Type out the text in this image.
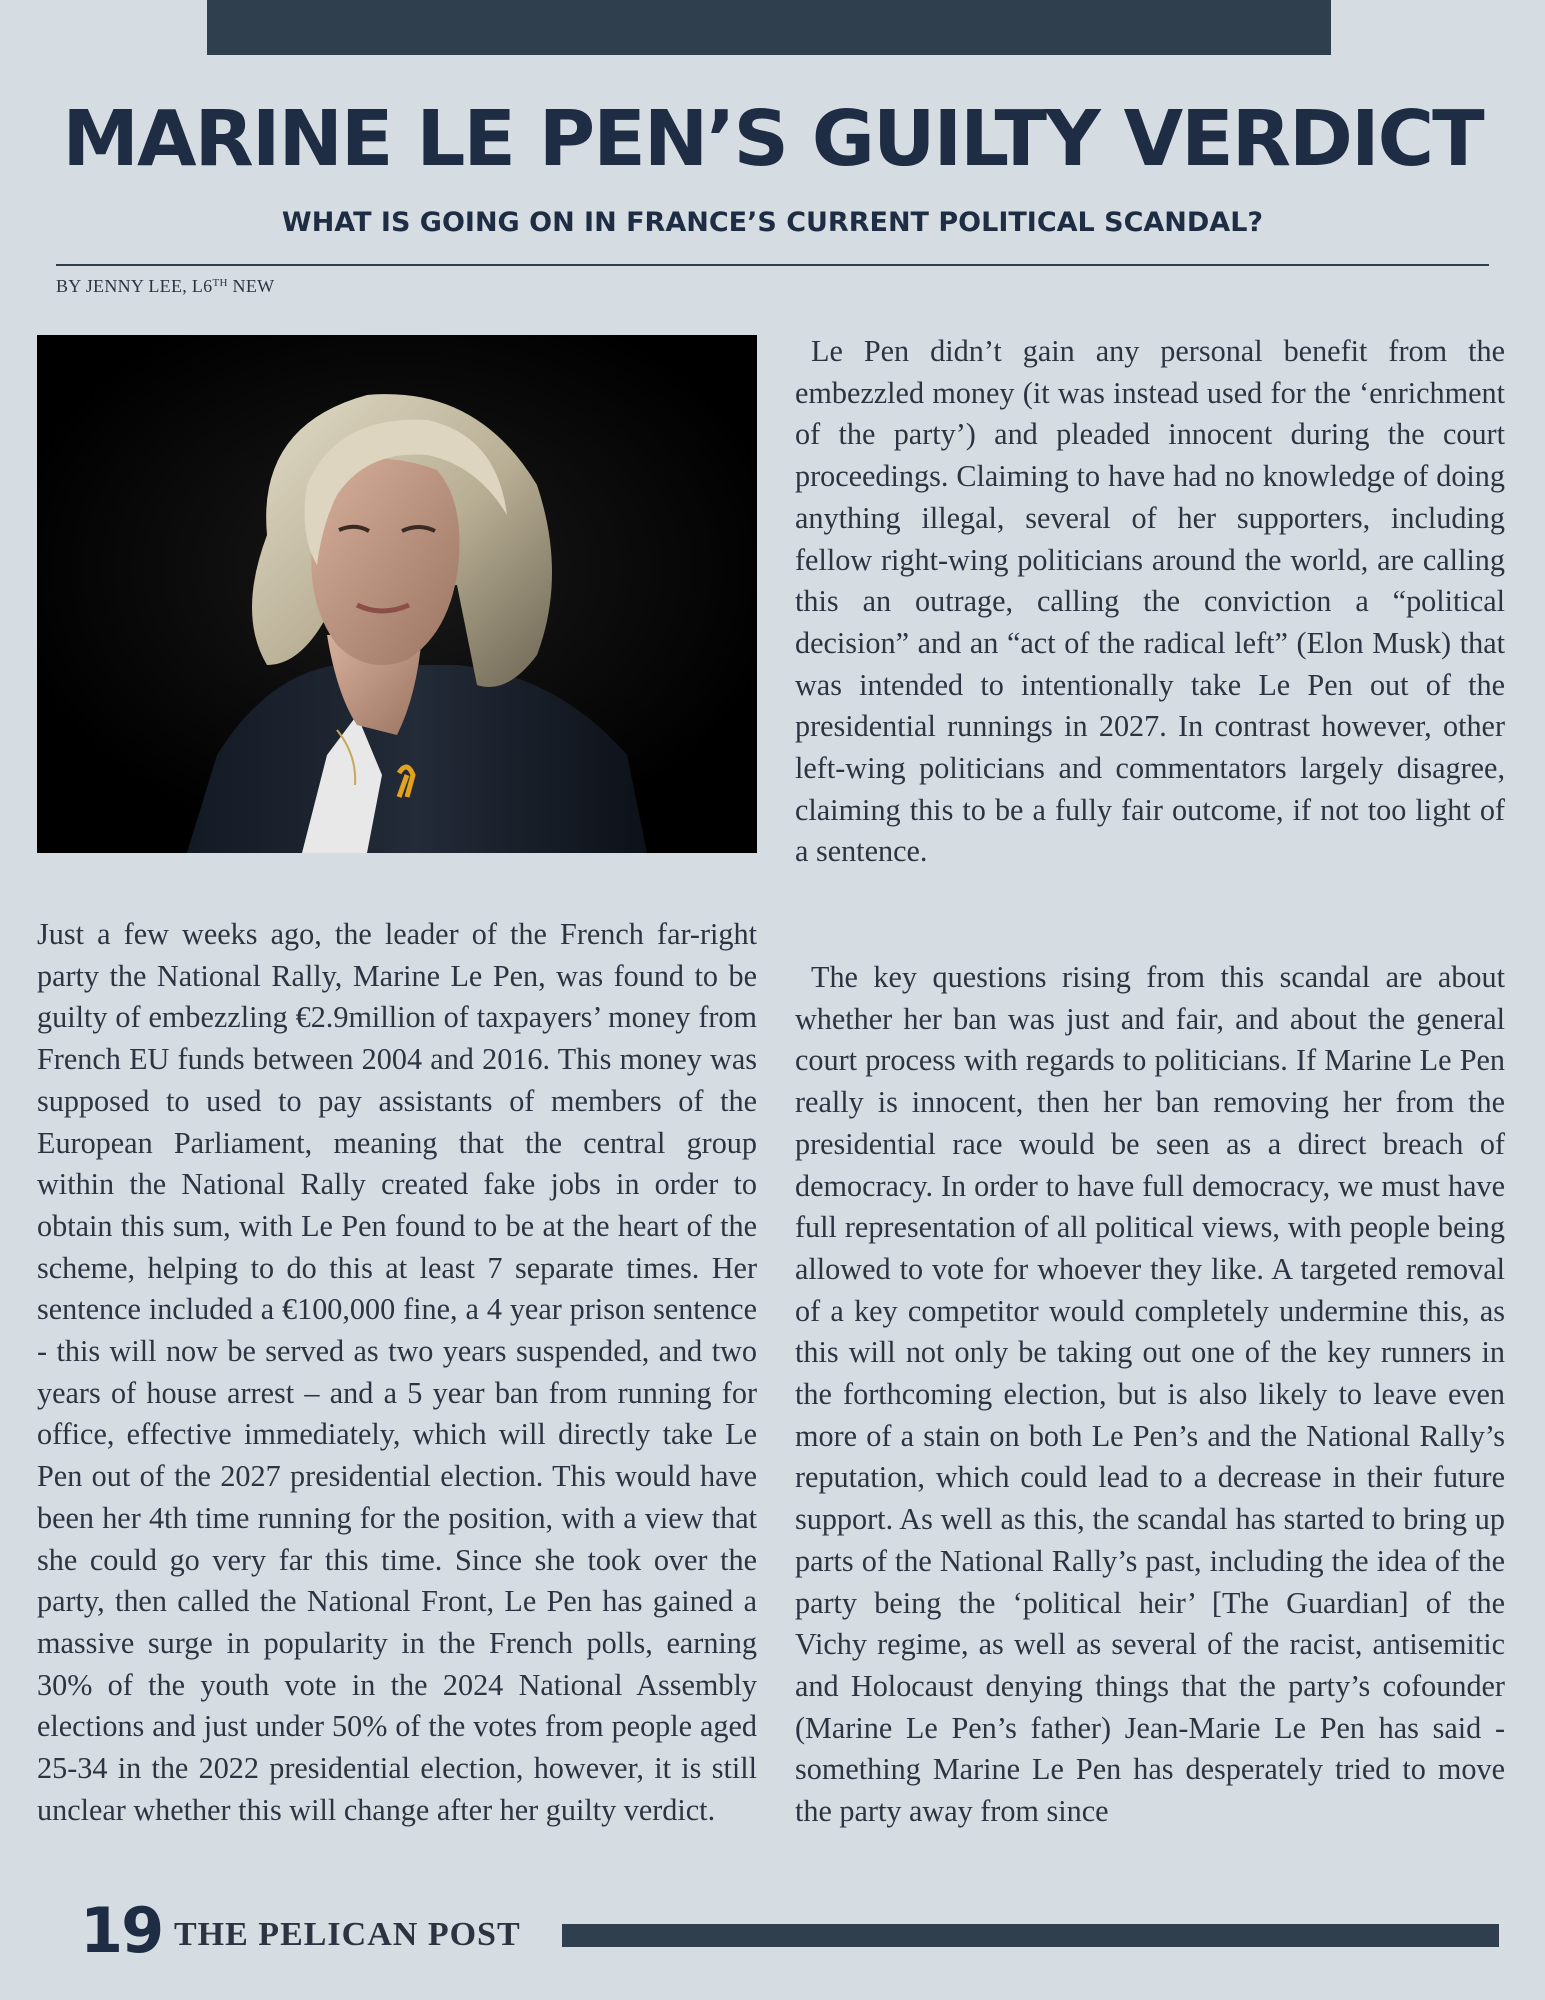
MARINE LE PEN’S GUILTY VERDICT
WHAT IS GOING ON IN FRANCE’S CURRENT POLITICAL SCANDAL?
BY JENNY LEE, L6TH NEW

Just a few weeks ago, the leader of the French far-right party the National Rally, Marine Le Pen, was found to be guilty of embezzling €2.9million of taxpayers’ money from French EU funds between 2004 and 2016. This money was supposed to used to pay assistants of members of the European Parliament, meaning that the central group within the National Rally created fake jobs in order to obtain this sum, with Le Pen found to be at the heart of the scheme, helping to do this at least 7 separate times. Her sentence included a €100,000 fine, a 4 year prison sentence - this will now be served as two years suspended, and two years of house arrest – and a 5 year ban from running for office, effective immediately, which will directly take Le Pen out of the 2027 presidential election. This would have been her 4th time running for the position, with a view that she could go very far this time. Since she took over the party, then called the National Front, Le Pen has gained a massive surge in popularity in the French polls, earning 30% of the youth vote in the 2024 National Assembly elections and just under 50% of the votes from people aged 25-34 in the 2022 presidential election, however, it is still unclear whether this will change after her guilty verdict.

Le Pen didn’t gain any personal benefit from the embezzled money (it was instead used for the ‘enrichment of the party’) and pleaded innocent during the court proceedings. Claiming to have had no knowledge of doing anything illegal, several of her supporters, including fellow right-wing politicians around the world, are calling this an outrage, calling the conviction a “political decision” and an “act of the radical left” (Elon Musk) that was intended to intentionally take Le Pen out of the presidential runnings in 2027. In contrast however, other left-wing politicians and commentators largely disagree, claiming this to be a fully fair outcome, if not too light of a sentence.

The key questions rising from this scandal are about whether her ban was just and fair, and about the general court process with regards to politicians. If Marine Le Pen really is innocent, then her ban removing her from the presidential race would be seen as a direct breach of democracy. In order to have full democracy, we must have full representation of all political views, with people being allowed to vote for whoever they like. A targeted removal of a key competitor would completely undermine this, as this will not only be taking out one of the key runners in the forthcoming election, but is also likely to leave even more of a stain on both Le Pen’s and the National Rally’s reputation, which could lead to a decrease in their future support. As well as this, the scandal has started to bring up parts of the National Rally’s past, including the idea of the party being the ‘political heir’ [The Guardian] of the Vichy regime, as well as several of the racist, antisemitic and Holocaust denying things that the party’s cofounder (Marine Le Pen’s father) Jean-Marie Le Pen has said - something Marine Le Pen has desperately tried to move the party away from since

19 THE PELICAN POST
